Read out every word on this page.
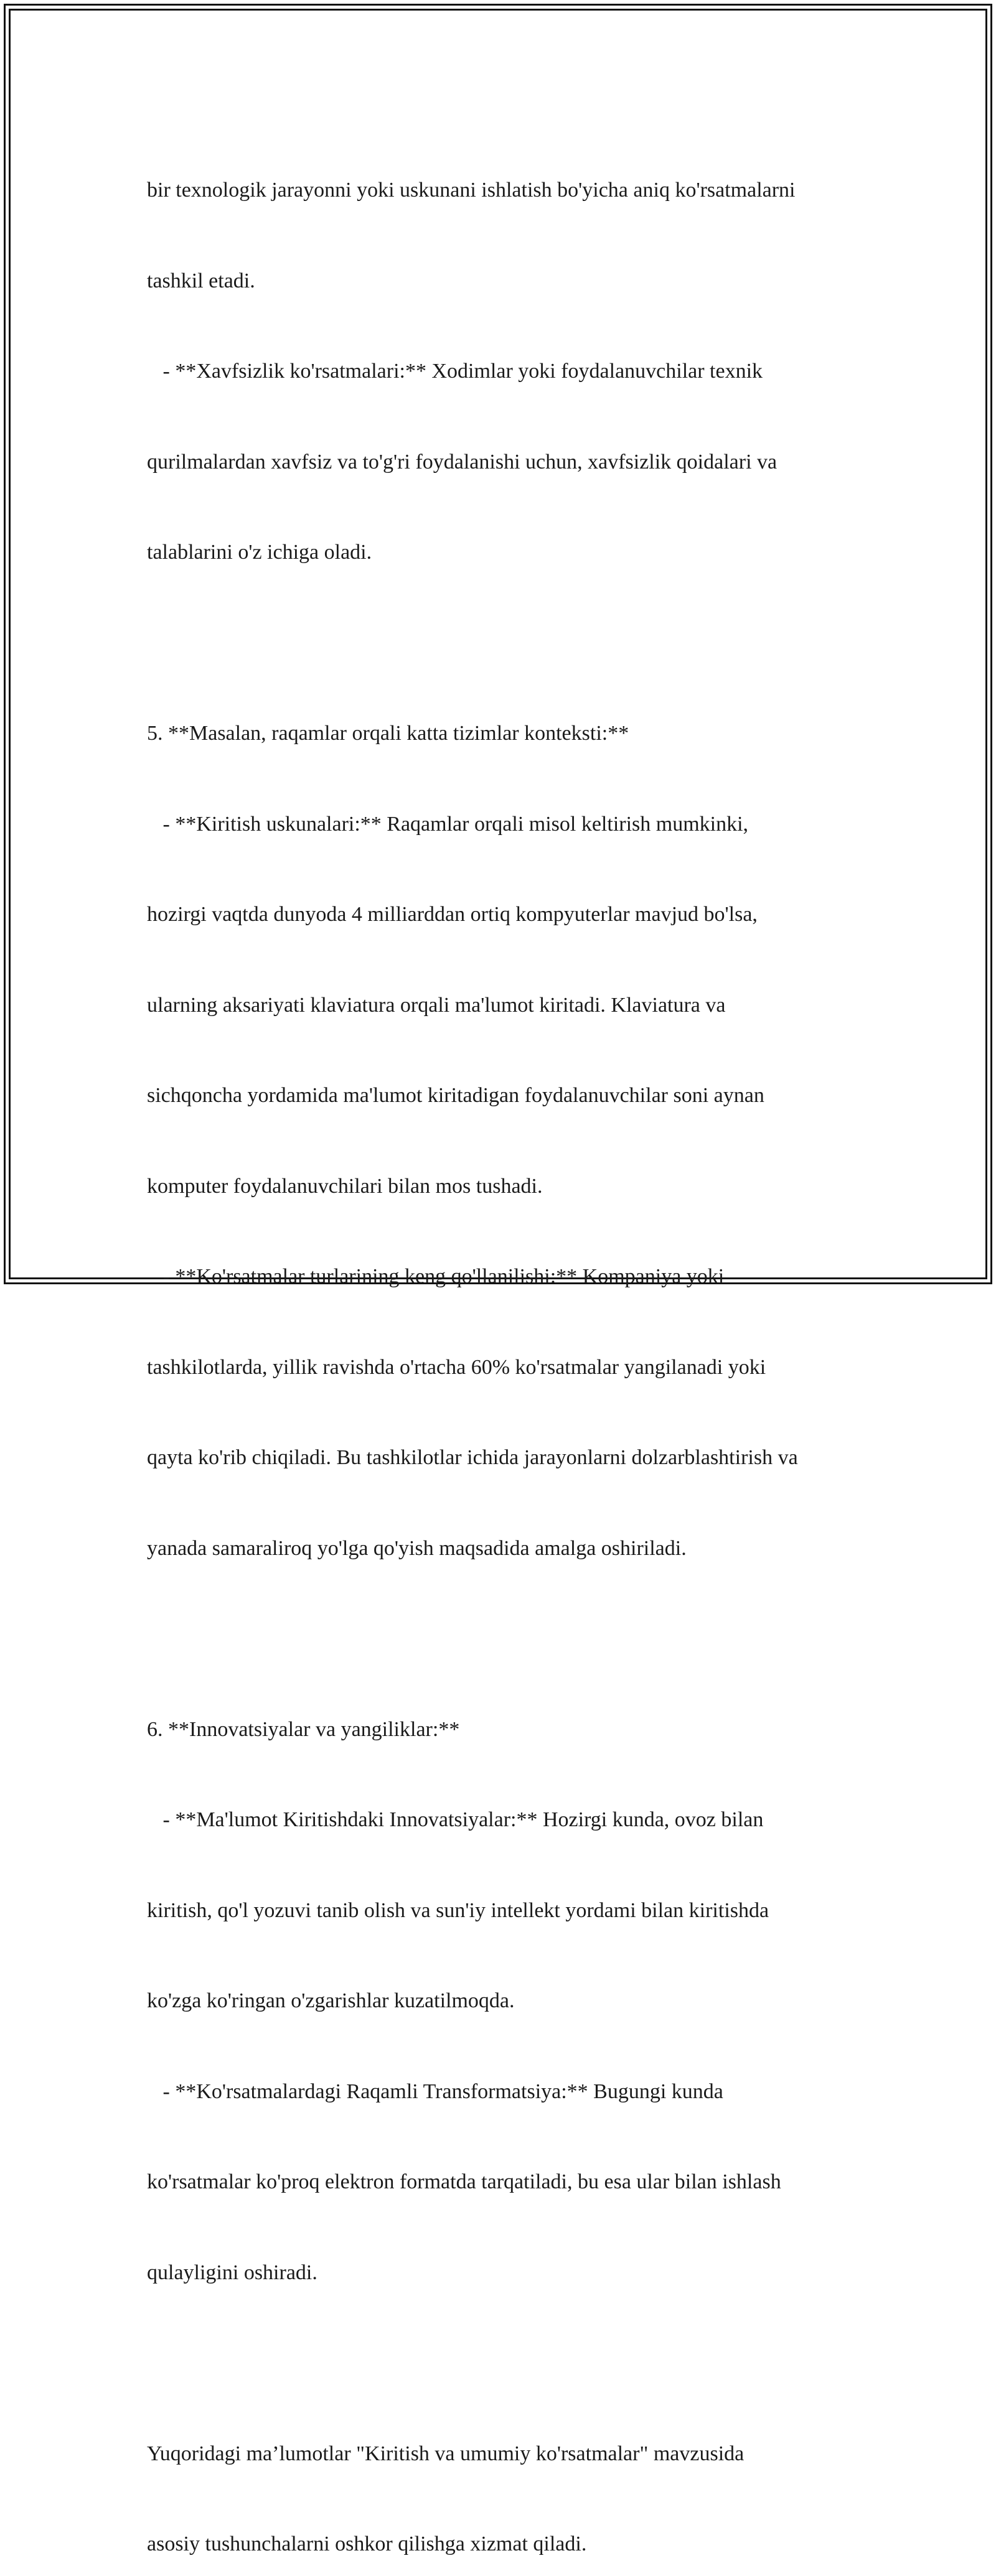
bir texnologik jarayonni yoki uskunani ishlatish bo'yicha aniq ko'rsatmalarni

tashkil etadi.

- **Xavfsizlik ko'rsatmalari:** Xodimlar yoki foydalanuvchilar texnik

qurilmalardan xavfsiz va to'g'ri foydalanishi uchun, xavfsizlik qoidalari va

talablarini o'z ichiga oladi.

5. **Masalan, raqamlar orqali katta tizimlar konteksti:**

- **Kiritish uskunalari:** Raqamlar orqali misol keltirish mumkinki,

hozirgi vaqtda dunyoda 4 milliarddan ortiq kompyuterlar mavjud bo'lsa,

ularning aksariyati klaviatura orqali ma'lumot kiritadi. Klaviatura va

sichqoncha yordamida ma'lumot kiritadigan foydalanuvchilar soni aynan

komputer foydalanuvchilari bilan mos tushadi.

- **Ko'rsatmalar turlarining keng qo'llanilishi:** Kompaniya yoki

tashkilotlarda, yillik ravishda o'rtacha 60% ko'rsatmalar yangilanadi yoki

qayta ko'rib chiqiladi. Bu tashkilotlar ichida jarayonlarni dolzarblashtirish va

yanada samaraliroq yo'lga qo'yish maqsadida amalga oshiriladi.

6. **Innovatsiyalar va yangiliklar:**

- **Ma'lumot Kiritishdaki Innovatsiyalar:** Hozirgi kunda, ovoz bilan

kiritish, qo'l yozuvi tanib olish va sun'iy intellekt yordami bilan kiritishda

ko'zga ko'ringan o'zgarishlar kuzatilmoqda.

- **Ko'rsatmalardagi Raqamli Transformatsiya:** Bugungi kunda

ko'rsatmalar ko'proq elektron formatda tarqatiladi, bu esa ular bilan ishlash

qulayligini oshiradi.

Yuqoridagi ma’lumotlar "Kiritish va umumiy ko'rsatmalar" mavzusida

asosiy tushunchalarni oshkor qilishga xizmat qiladi.
